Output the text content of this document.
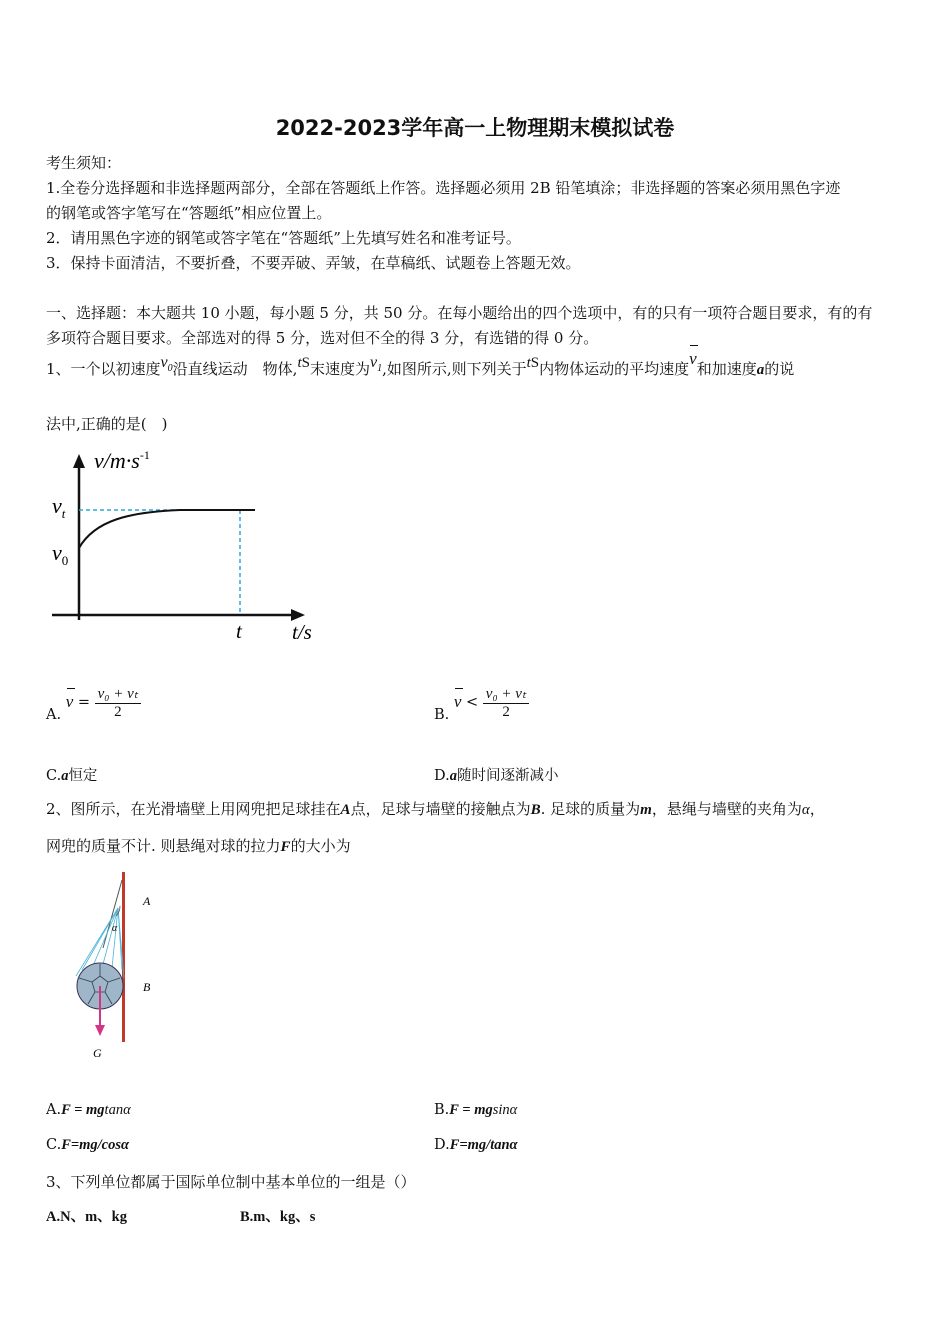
2022-2023学年高一上物理期末模拟试卷
考生须知：
1.全卷分选择题和非选择题两部分，全部在答题纸上作答。选择题必须用 2B 铅笔填涂；非选择题的答案必须用黑色字迹
的钢笔或答字笔写在“答题纸”相应位置上。
2．请用黑色字迹的钢笔或答字笔在“答题纸”上先填写姓名和准考证号。
3．保持卡面清洁，不要折叠，不要弄破、弄皱，在草稿纸、试题卷上答题无效。
一、选择题：本大题共 10 小题，每小题 5 分，共 50 分。在每小题给出的四个选项中，有的只有一项符合题目要求，有的有
多项符合题目要求。全部选对的得 5 分，选对但不全的得 3 分，有选错的得 0 分。
1、一个以初速度$v_0$沿直线运动　物体,tS末速度为$v_1$,如图所示,则下列关于tS内物体运动的平均速度v和加速度a的说
法中,正确的是(　)
$v/m\cdot s^{-1}$
$v_t$
$v_0$
t t/s
A. $v = \frac{\text{v₀ + vₜ}}{2}$	B. $v < \frac{\text{v₀ + vₜ}}{2}$
C.a恒定	D.a随时间逐渐减小
2、图所示，在光滑墙壁上用网兜把足球挂在A点，足球与墙壁的接触点为B. 足球的质量为m，悬绳与墙壁的夹角为α，
网兜的质量不计. 则悬绳对球的拉力F的大小为
A
α
B
G
A.F = mgtanα	B.F = mgsinα
C.F=mg/cosα	D.F=mg/tanα
3、下列单位都属于国际单位制中基本单位的一组是（）
A.N、m、kg	B.m、kg、s
